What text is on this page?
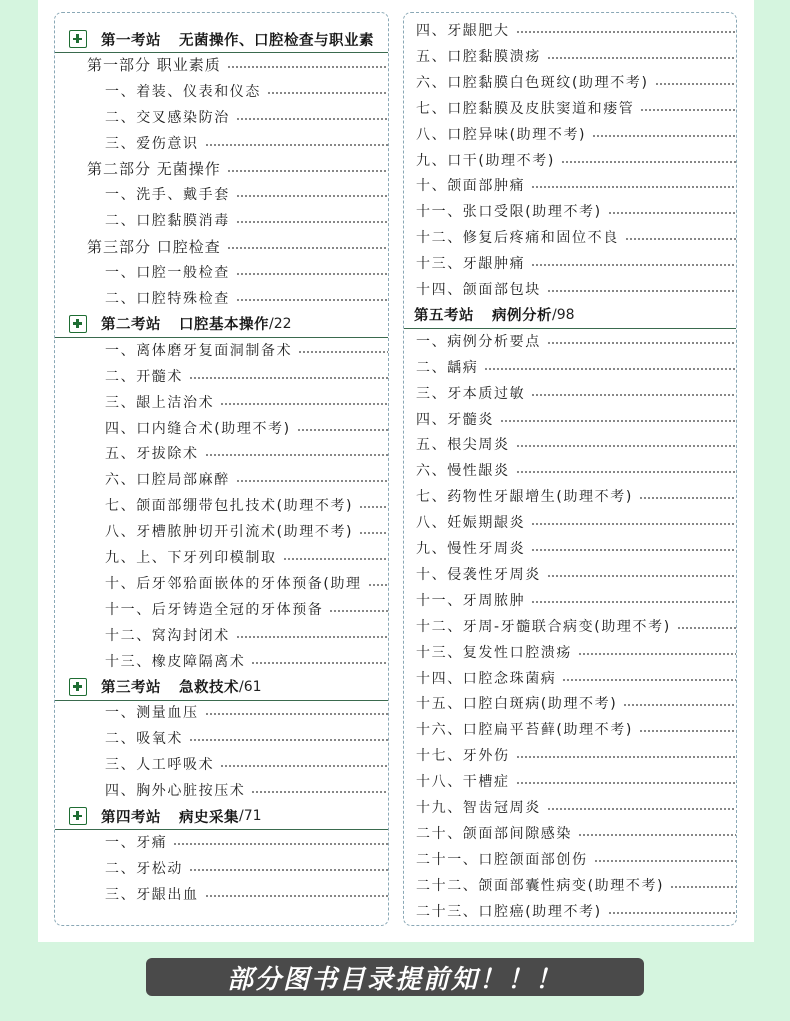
第一考站 无菌操作、口腔检查与职业素
第一部分 职业素质
一、着装、仪表和仪态
二、交叉感染防治
三、爱伤意识
第二部分 无菌操作
一、洗手、戴手套
二、口腔黏膜消毒
第三部分 口腔检查
一、口腔一般检查
二、口腔特殊检查
第二考站 口腔基本操作 /22
一、离体磨牙复面洞制备术
二、开髓术
三、龈上洁治术
四、口内缝合术(助理不考)
五、牙拔除术
六、口腔局部麻醉
七、颌面部绷带包扎技术(助理不考)
八、牙槽脓肿切开引流术(助理不考)
九、上、下牙列印模制取
十、后牙邻𬌗面嵌体的牙体预备(助理
十一、后牙铸造全冠的牙体预备
十二、窝沟封闭术
十三、橡皮障隔离术
第三考站 急救技术 /61
一、测量血压
二、吸氧术
三、人工呼吸术
四、胸外心脏按压术
第四考站 病史采集 /71
一、牙痛
二、牙松动
三、牙龈出血
四、牙龈肥大
五、口腔黏膜溃疡
六、口腔黏膜白色斑纹(助理不考)
七、口腔黏膜及皮肤窦道和瘘管
八、口腔异味(助理不考)
九、口干(助理不考)
十、颌面部肿痛
十一、张口受限(助理不考)
十二、修复后疼痛和固位不良
十三、牙龈肿痛
十四、颌面部包块
第五考站 病例分析 /98
一、病例分析要点
二、龋病
三、牙本质过敏
四、牙髓炎
五、根尖周炎
六、慢性龈炎
七、药物性牙龈增生(助理不考)
八、妊娠期龈炎
九、慢性牙周炎
十、侵袭性牙周炎
十一、牙周脓肿
十二、牙周-牙髓联合病变(助理不考)
十三、复发性口腔溃疡
十四、口腔念珠菌病
十五、口腔白斑病(助理不考)
十六、口腔扁平苔藓(助理不考)
十七、牙外伤
十八、干槽症
十九、智齿冠周炎
二十、颌面部间隙感染
二十一、口腔颌面部创伤
二十二、颌面部囊性病变(助理不考)
二十三、口腔癌(助理不考)
部分图书目录提前知！！！
